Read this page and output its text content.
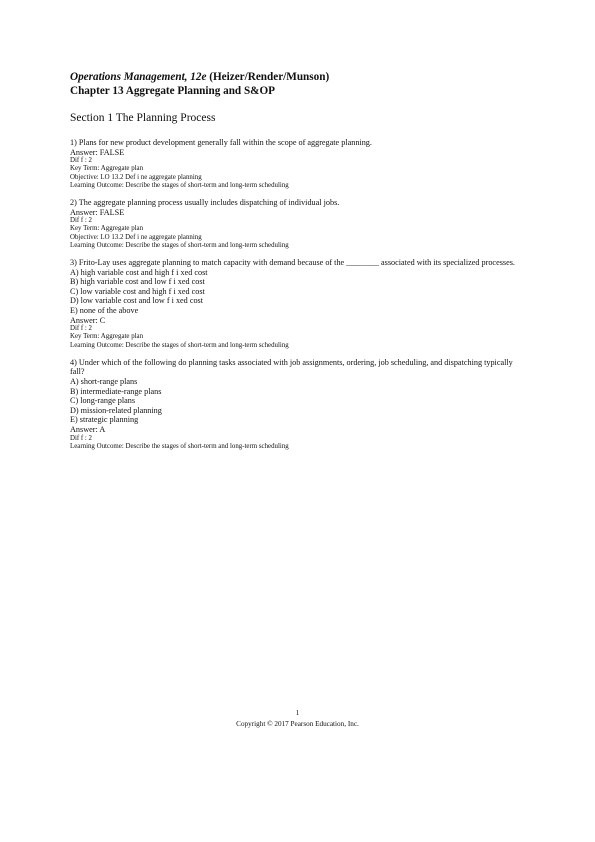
Operations Management, 12e (Heizer/Render/Munson)
Chapter 13 Aggregate Planning and S&OP
Section 1 The Planning Process
1) Plans for new product development generally fall within the scope of aggregate planning.
Answer: FALSE
Dif f : 2
Key Term: Aggregate plan
Objective: LO 13.2 Def i ne aggregate planning
Learning Outcome: Describe the stages of short-term and long-term scheduling
2) The aggregate planning process usually includes dispatching of individual jobs.
Answer: FALSE
Dif f : 2
Key Term: Aggregate plan
Objective: LO 13.2 Def i ne aggregate planning
Learning Outcome: Describe the stages of short-term and long-term scheduling
3) Frito-Lay uses aggregate planning to match capacity with demand because of the ________ associated with its specialized processes.
A) high variable cost and high f i xed cost
B) high variable cost and low f i xed cost
C) low variable cost and high f i xed cost
D) low variable cost and low f i xed cost
E) none of the above
Answer: C
Dif f : 2
Key Term: Aggregate plan
Learning Outcome: Describe the stages of short-term and long-term scheduling
4) Under which of the following do planning tasks associated with job assignments, ordering, job scheduling, and dispatching typically fall?
A) short-range plans
B) intermediate-range plans
C) long-range plans
D) mission-related planning
E) strategic planning
Answer: A
Dif f : 2
Learning Outcome: Describe the stages of short-term and long-term scheduling
1
Copyright © 2017 Pearson Education, Inc.
